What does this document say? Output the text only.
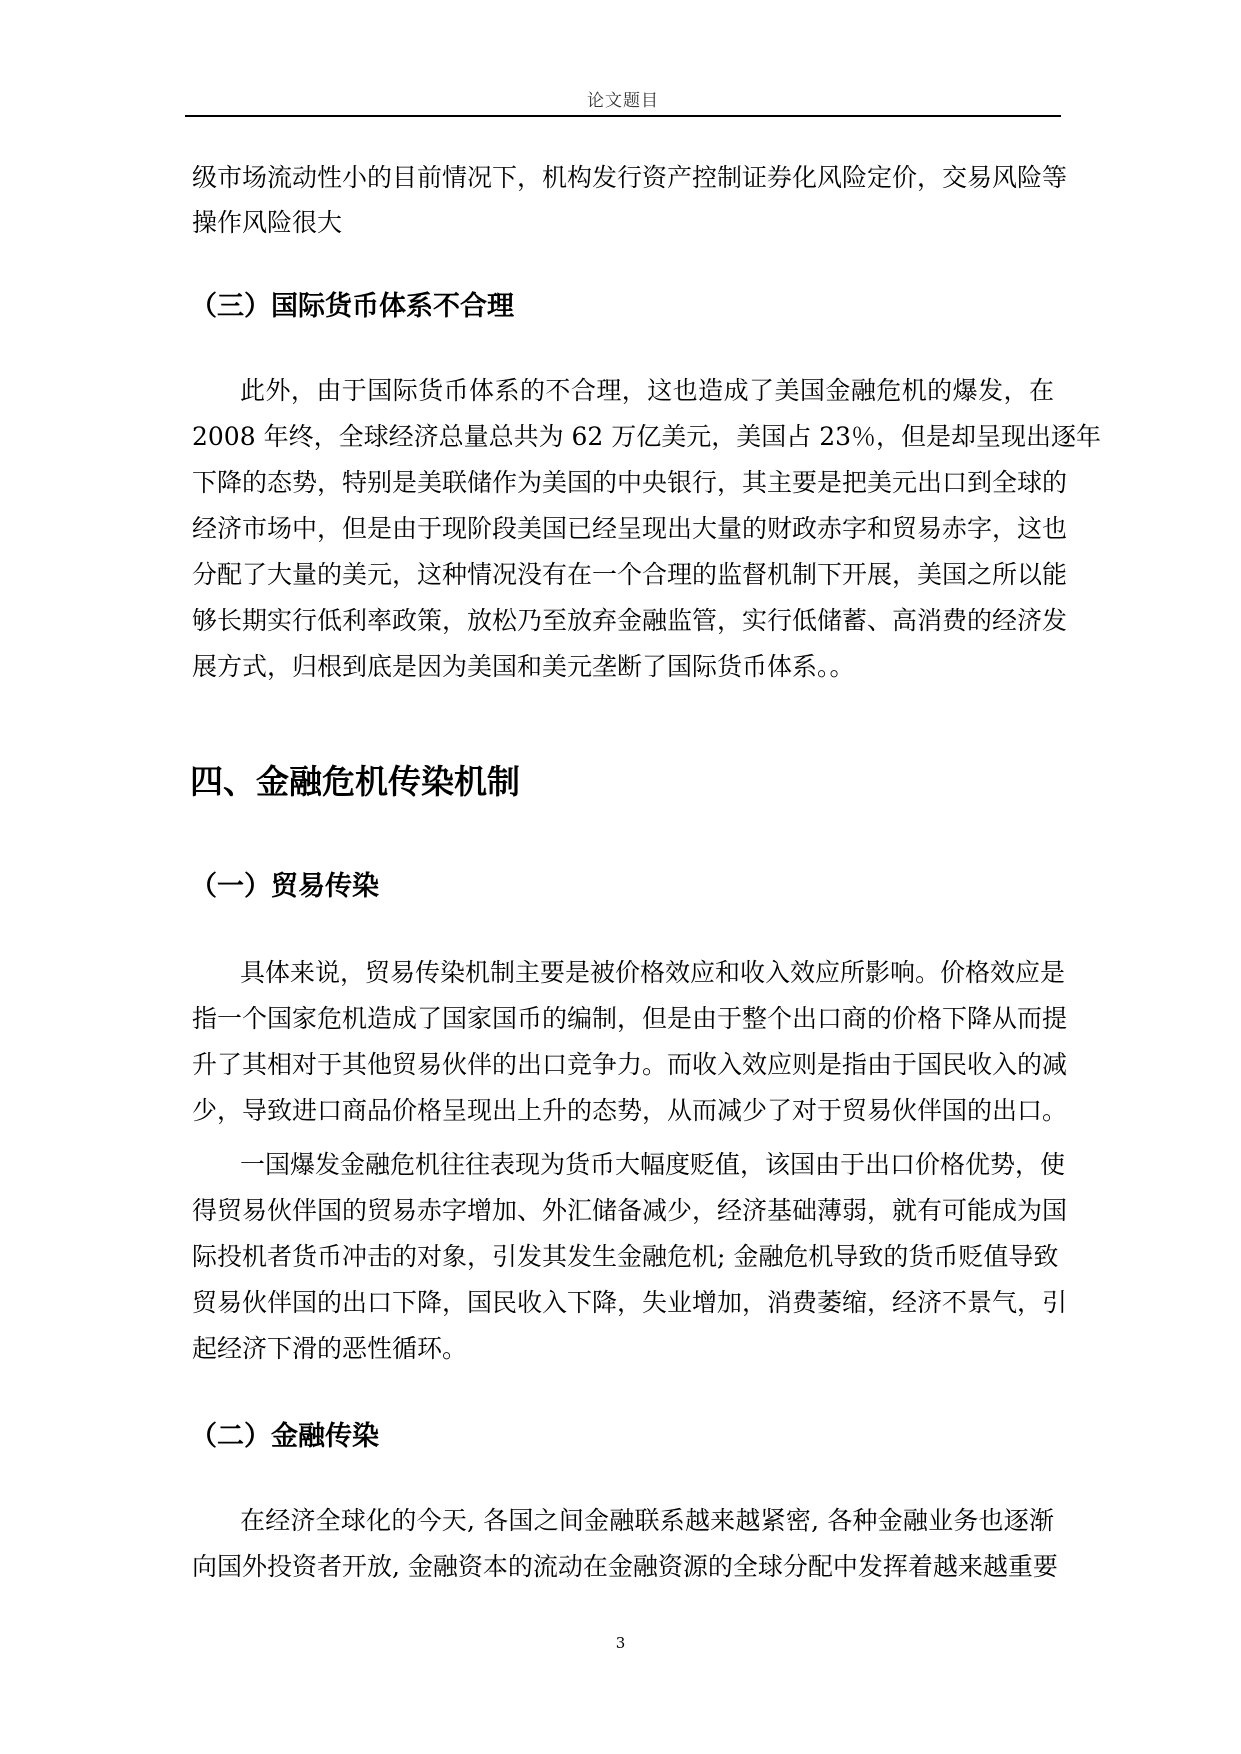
论文题目
级市场流动性小的目前情况下，机构发行资产控制证券化风险定价，交易风险等
操作风险很大
（三）国际货币体系不合理
此外，由于国际货币体系的不合理，这也造成了美国金融危机的爆发，在
2008 年终，全球经济总量总共为 62 万亿美元，美国占 23％，但是却呈现出逐年
下降的态势，特别是美联储作为美国的中央银行，其主要是把美元出口到全球的
经济市场中，但是由于现阶段美国已经呈现出大量的财政赤字和贸易赤字，这也
分配了大量的美元，这种情况没有在一个合理的监督机制下开展，美国之所以能
够长期实行低利率政策，放松乃至放弃金融监管，实行低储蓄、高消费的经济发
展方式，归根到底是因为美国和美元垄断了国际货币体系。。
四、金融危机传染机制
（一）贸易传染
具体来说，贸易传染机制主要是被价格效应和收入效应所影响。价格效应是
指一个国家危机造成了国家国币的编制，但是由于整个出口商的价格下降从而提
升了其相对于其他贸易伙伴的出口竞争力。而收入效应则是指由于国民收入的减
少，导致进口商品价格呈现出上升的态势，从而减少了对于贸易伙伴国的出口。
一国爆发金融危机往往表现为货币大幅度贬值，该国由于出口价格优势，使
得贸易伙伴国的贸易赤字增加、外汇储备减少，经济基础薄弱，就有可能成为国
际投机者货币冲击的对象，引发其发生金融危机; 金融危机导致的货币贬值导致
贸易伙伴国的出口下降，国民收入下降，失业增加，消费萎缩，经济不景气，引
起经济下滑的恶性循环。
（二）金融传染
在经济全球化的今天, 各国之间金融联系越来越紧密, 各种金融业务也逐渐
向国外投资者开放, 金融资本的流动在金融资源的全球分配中发挥着越来越重要
3
